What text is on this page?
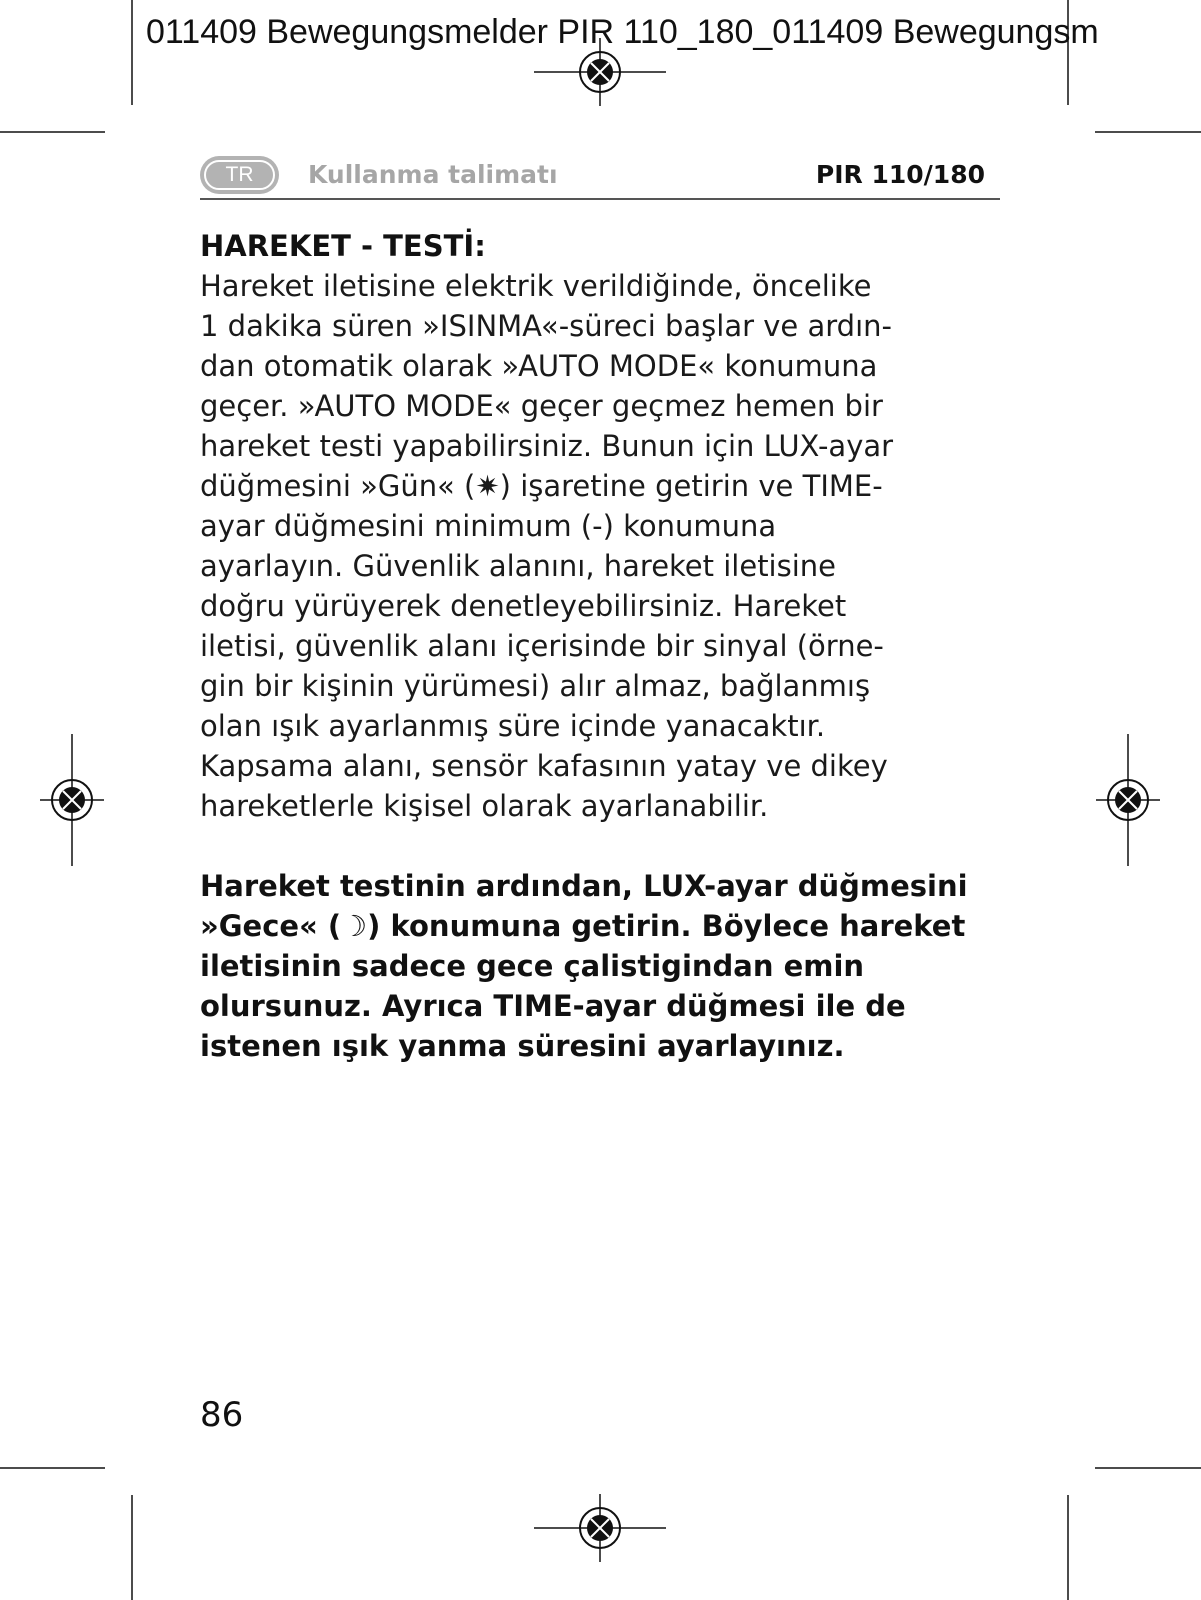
011409 Bewegungsmelder PIR 110_180_011409 Bewegungsm
TR	Kullanma talimatı	PIR 110/180

HAREKET - TESTİ:

Hareket iletisine elektrik verildiğinde, öncelike

1 dakika süren »ISINMA«-süreci başlar ve ardın-

dan otomatik olarak »AUTO MODE« konumuna

geçer. »AUTO MODE« geçer geçmez hemen bir

hareket testi yapabilirsiniz. Bunun için LUX-ayar

düğmesini »Gün« (✷) işaretine getirin ve TIME-

ayar düğmesini minimum (-) konumuna

ayarlayın. Güvenlik alanını, hareket iletisine

doğru yürüyerek denetleyebilirsiniz. Hareket

iletisi, güvenlik alanı içerisinde bir sinyal (örne-

gin bir kişinin yürümesi) alır almaz, bağlanmış

olan ışık ayarlanmış süre içinde yanacaktır.

Kapsama alanı, sensör kafasının yatay ve dikey

hareketlerle kişisel olarak ayarlanabilir.

Hareket testinin ardından, LUX-ayar düğmesini

»Gece« (☽) konumuna getirin. Böylece hareket

iletisinin sadece gece çalistigindan emin

olursunuz. Ayrıca TIME-ayar düğmesi ile de

istenen ışık yanma süresini ayarlayınız.

86
